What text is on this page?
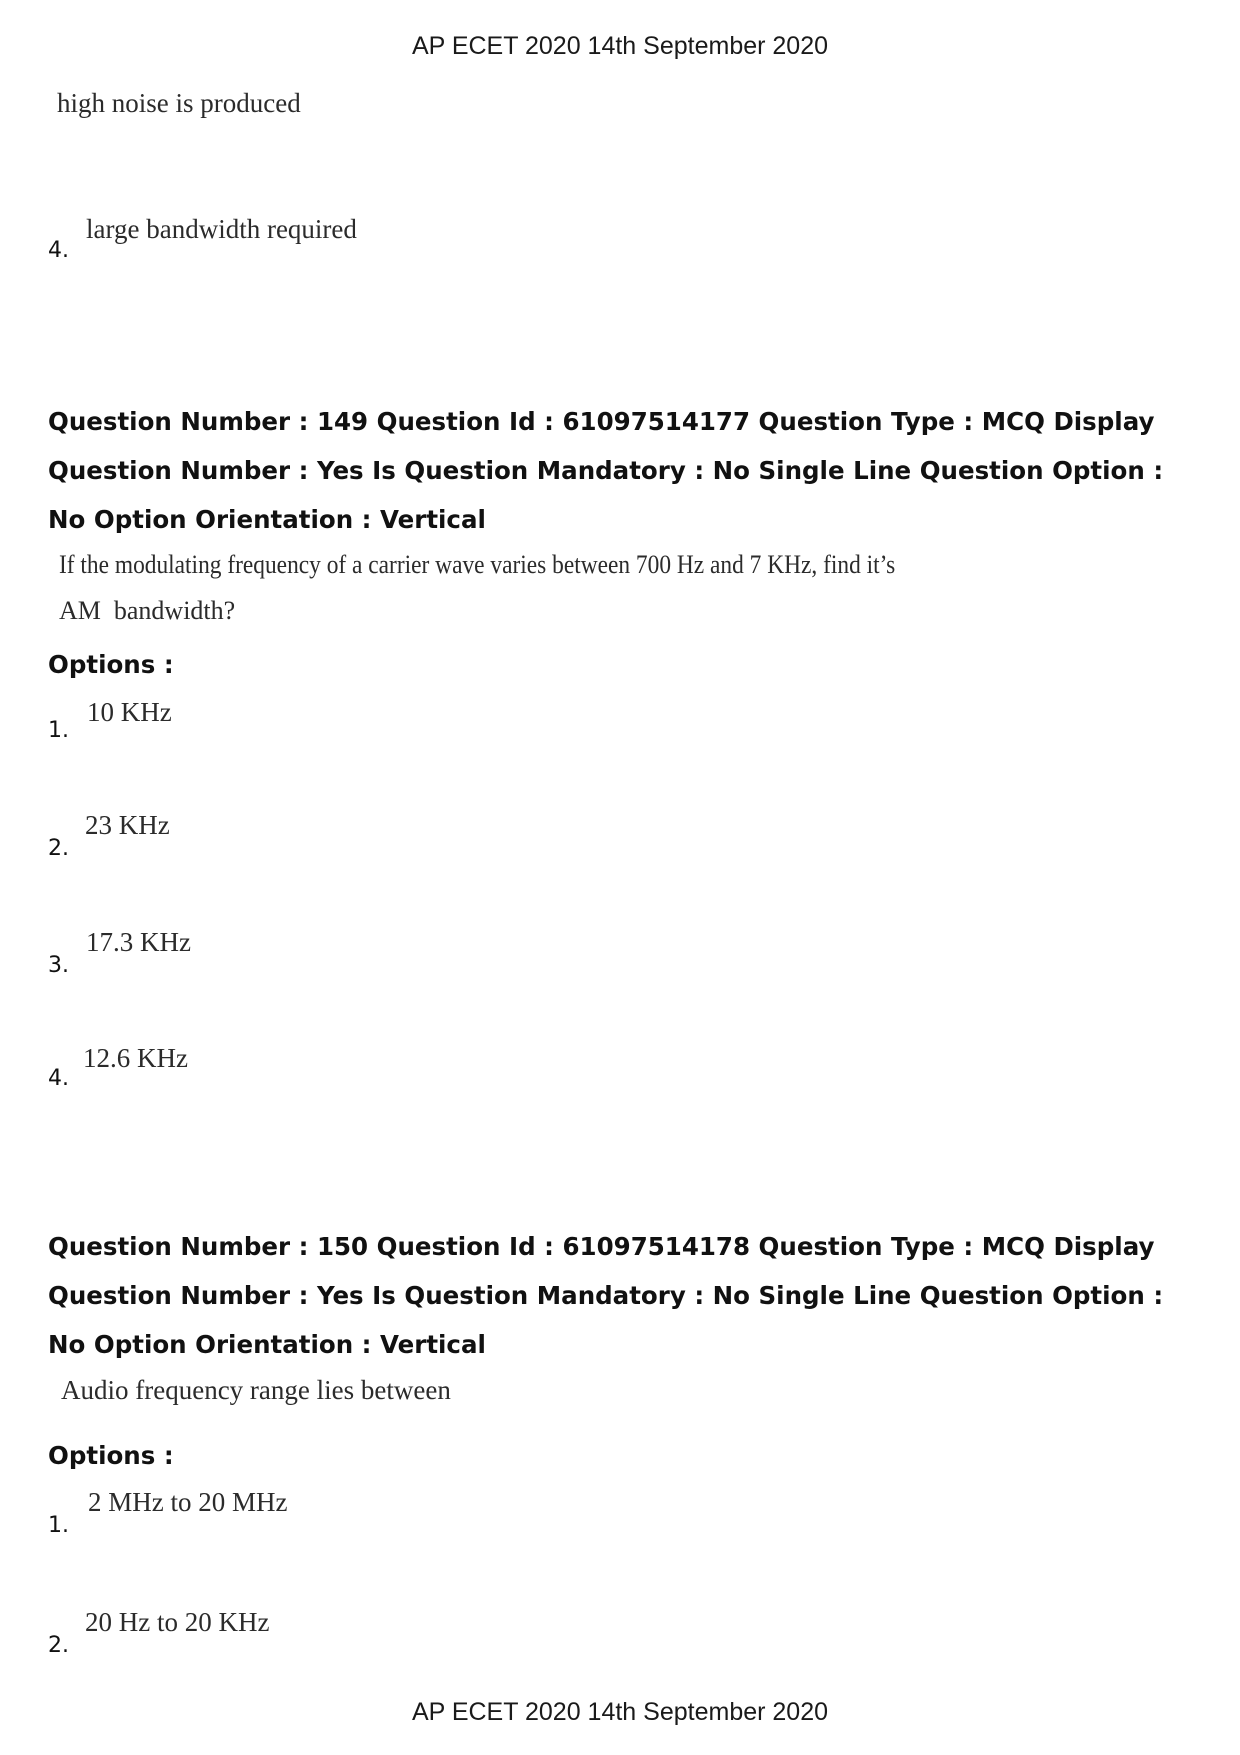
AP ECET 2020 14th September 2020
high noise is produced
4.
large bandwidth required

Question Number : 149 Question Id : 61097514177 Question Type : MCQ Display Question Number : Yes Is Question Mandatory : No Single Line Question Option : No Option Orientation : Vertical

If the modulating frequency of a carrier wave varies between 700 Hz and 7 KHz, find it’s
AM  bandwidth?
Options :
1.
10 KHz
2.
23 KHz
3.
17.3 KHz
4.
12.6 KHz

Question Number : 150 Question Id : 61097514178 Question Type : MCQ Display Question Number : Yes Is Question Mandatory : No Single Line Question Option : No Option Orientation : Vertical

Audio frequency range lies between
Options :
1.
2 MHz to 20 MHz
2.
20 Hz to 20 KHz
AP ECET 2020 14th September 2020
